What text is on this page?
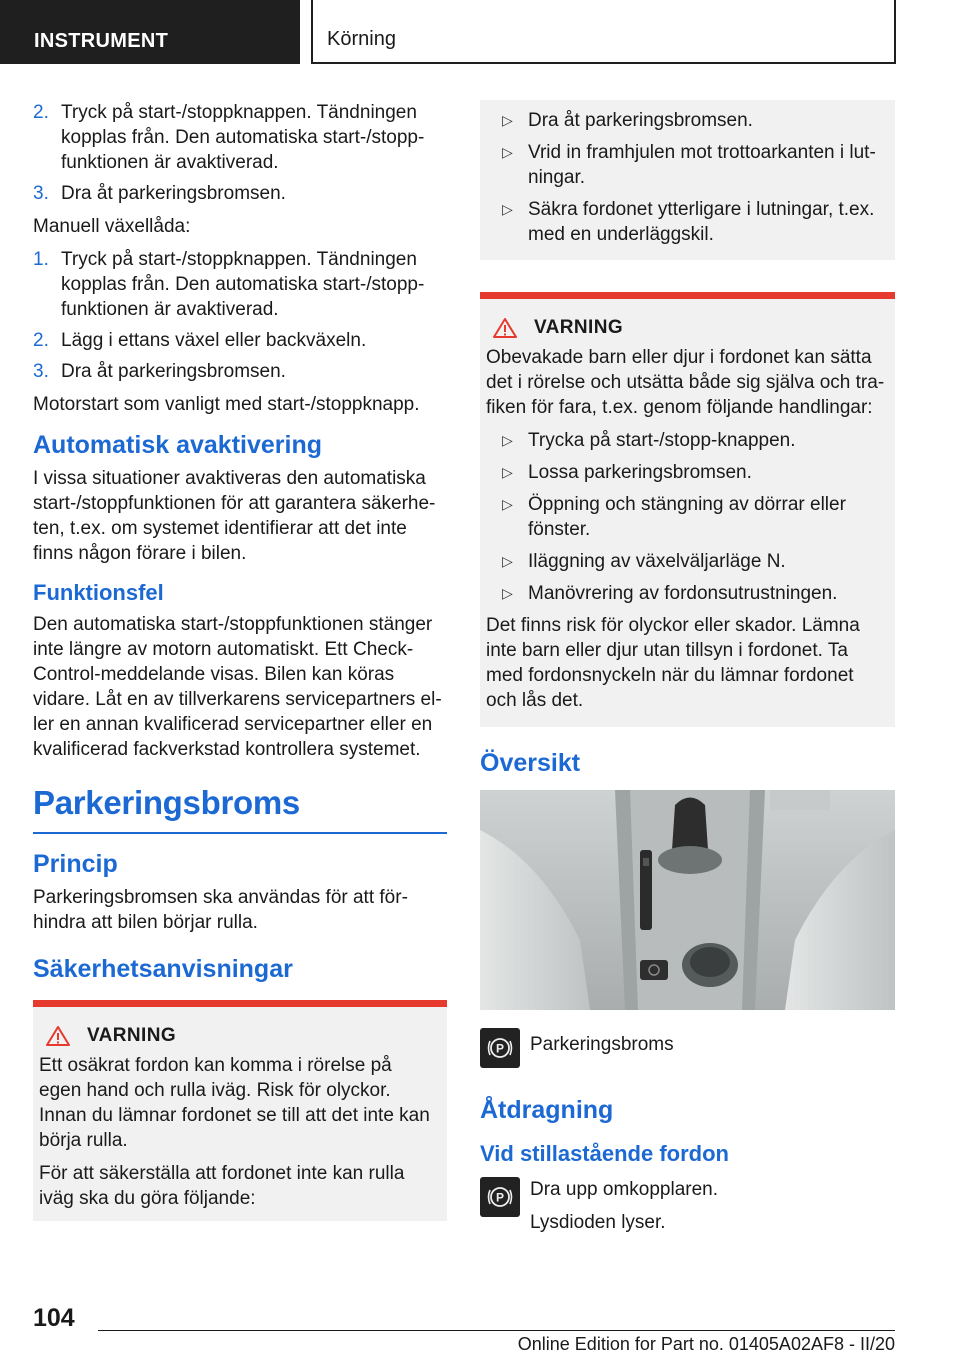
INSTRUMENT	Körning
2. Tryck på start-/stoppknappen. Tändningen kopplas från. Den automatiska start-/stopp-funktionen är avaktiverad.
3. Dra åt parkeringsbromsen.

Manuell växellåda:

1. Tryck på start-/stoppknappen. Tändningen kopplas från. Den automatiska start-/stopp-funktionen är avaktiverad.
2. Lägg i ettans växel eller backväxeln.
3. Dra åt parkeringsbromsen.

Motorstart som vanligt med start-/stoppknapp.

Automatisk avaktivering

I vissa situationer avaktiveras den automatiska start-/stoppfunktionen för att garantera säkerhe-ten, t.ex. om systemet identifierar att det inte finns någon förare i bilen.

Funktionsfel

Den automatiska start-/stoppfunktionen stänger inte längre av motorn automatiskt. Ett Check-Control-meddelande visas. Bilen kan köras vidare. Låt en av tillverkarens servicepartners el-ler en annan kvalificerad servicepartner eller en kvalificerad fackverkstad kontrollera systemet.

Parkeringsbroms
Princip

Parkeringsbromsen ska användas för att för-hindra att bilen börjar rulla.

Säkerhetsanvisningar
VARNING

Ett osäkrat fordon kan komma i rörelse på egen hand och rulla iväg. Risk för olyckor. Innan du lämnar fordonet se till att det inte kan börja rulla.

För att säkerställa att fordonet inte kan rulla iväg ska du göra följande:

▷ Dra åt parkeringsbromsen.
▷ Vrid in framhjulen mot trottoarkanten i lut-ningar.
▷ Säkra fordonet ytterligare i lutningar, t.ex. med en underläggskil.
VARNING

Obevakade barn eller djur i fordonet kan sätta det i rörelse och utsätta både sig själva och tra-fiken för fara, t.ex. genom följande handlingar:

▷ Trycka på start-/stopp-knappen.
▷ Lossa parkeringsbromsen.
▷ Öppning och stängning av dörrar eller fönster.
▷ Iläggning av växelväljarläge N.
▷ Manövrering av fordonsutrustningen.

Det finns risk för olyckor eller skador. Lämna inte barn eller djur utan tillsyn i fordonet. Ta med fordonsnyckeln när du lämnar fordonet och lås det.

Översikt
P Parkeringsbroms

Åtdragning
Vid stillastående fordon
P Dra upp omkopplaren.

Lysdioden lyser.

104
Online Edition for Part no. 01405A02AF8 - II/20
